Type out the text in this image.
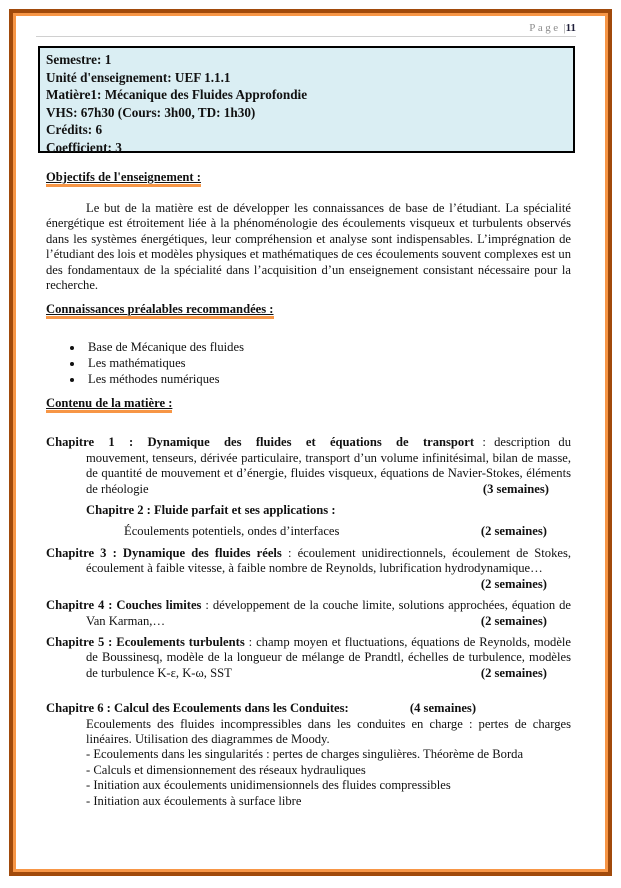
Page |11
Semestre: 1
Unité d'enseignement: UEF 1.1.1
Matière1: Mécanique des Fluides Approfondie
VHS: 67h30 (Cours: 3h00, TD: 1h30)
Crédits: 6
Coefficient: 3
Objectifs de l'enseignement :

Le but de la matière est de développer les connaissances de base de l’étudiant. La spécialité énergétique est étroitement liée à la phénoménologie des écoulements visqueux et turbulents observés dans les systèmes énergétiques, leur compréhension et analyse sont indispensables. L’imprégnation de l’étudiant des lois et modèles physiques et mathématiques de ces écoulements souvent complexes est un des fondamentaux de la spécialité dans l’acquisition d’un enseignement consistant nécessaire pour la recherche.

Connaissances préalables recommandées :
• Base de Mécanique des fluides
• Les mathématiques
• Les méthodes numériques
Contenu de la matière :
Chapitre 1 : Dynamique des fluides et équations de transport : description du mouvement, tenseurs, dérivée particulaire, transport d’un volume infinitésimal, bilan de masse, de quantité de mouvement et d’énergie, fluides visqueux, équations de Navier-Stokes, éléments de rhéologie	(3 semaines)
Chapitre 2 : Fluide parfait et ses applications :
Écoulements potentiels, ondes d’interfaces	(2 semaines)
Chapitre 3 : Dynamique des fluides réels : écoulement unidirectionnels, écoulement de Stokes, écoulement à faible vitesse, à faible nombre de Reynolds, lubrification hydrodynamique…
(2 semaines)
Chapitre 4 : Couches limites : développement de la couche limite, solutions approchées, équation de Van Karman,…	(2 semaines)
Chapitre 5 : Ecoulements turbulents : champ moyen et fluctuations, équations de Reynolds, modèle de Boussinesq, modèle de la longueur de mélange de Prandtl, échelles de turbulence, modèles de turbulence K-ε, K-ω, SST	(2 semaines)
Chapitre 6 : Calcul des Ecoulements dans les Conduites:	(4 semaines)
Ecoulements des fluides incompressibles dans les conduites en charge : pertes de charges linéaires. Utilisation des diagrammes de Moody.
- Ecoulements dans les singularités : pertes de charges singulières. Théorème de Borda
- Calculs et dimensionnement des réseaux hydrauliques
- Initiation aux écoulements unidimensionnels des fluides compressibles
- Initiation aux écoulements à surface libre
